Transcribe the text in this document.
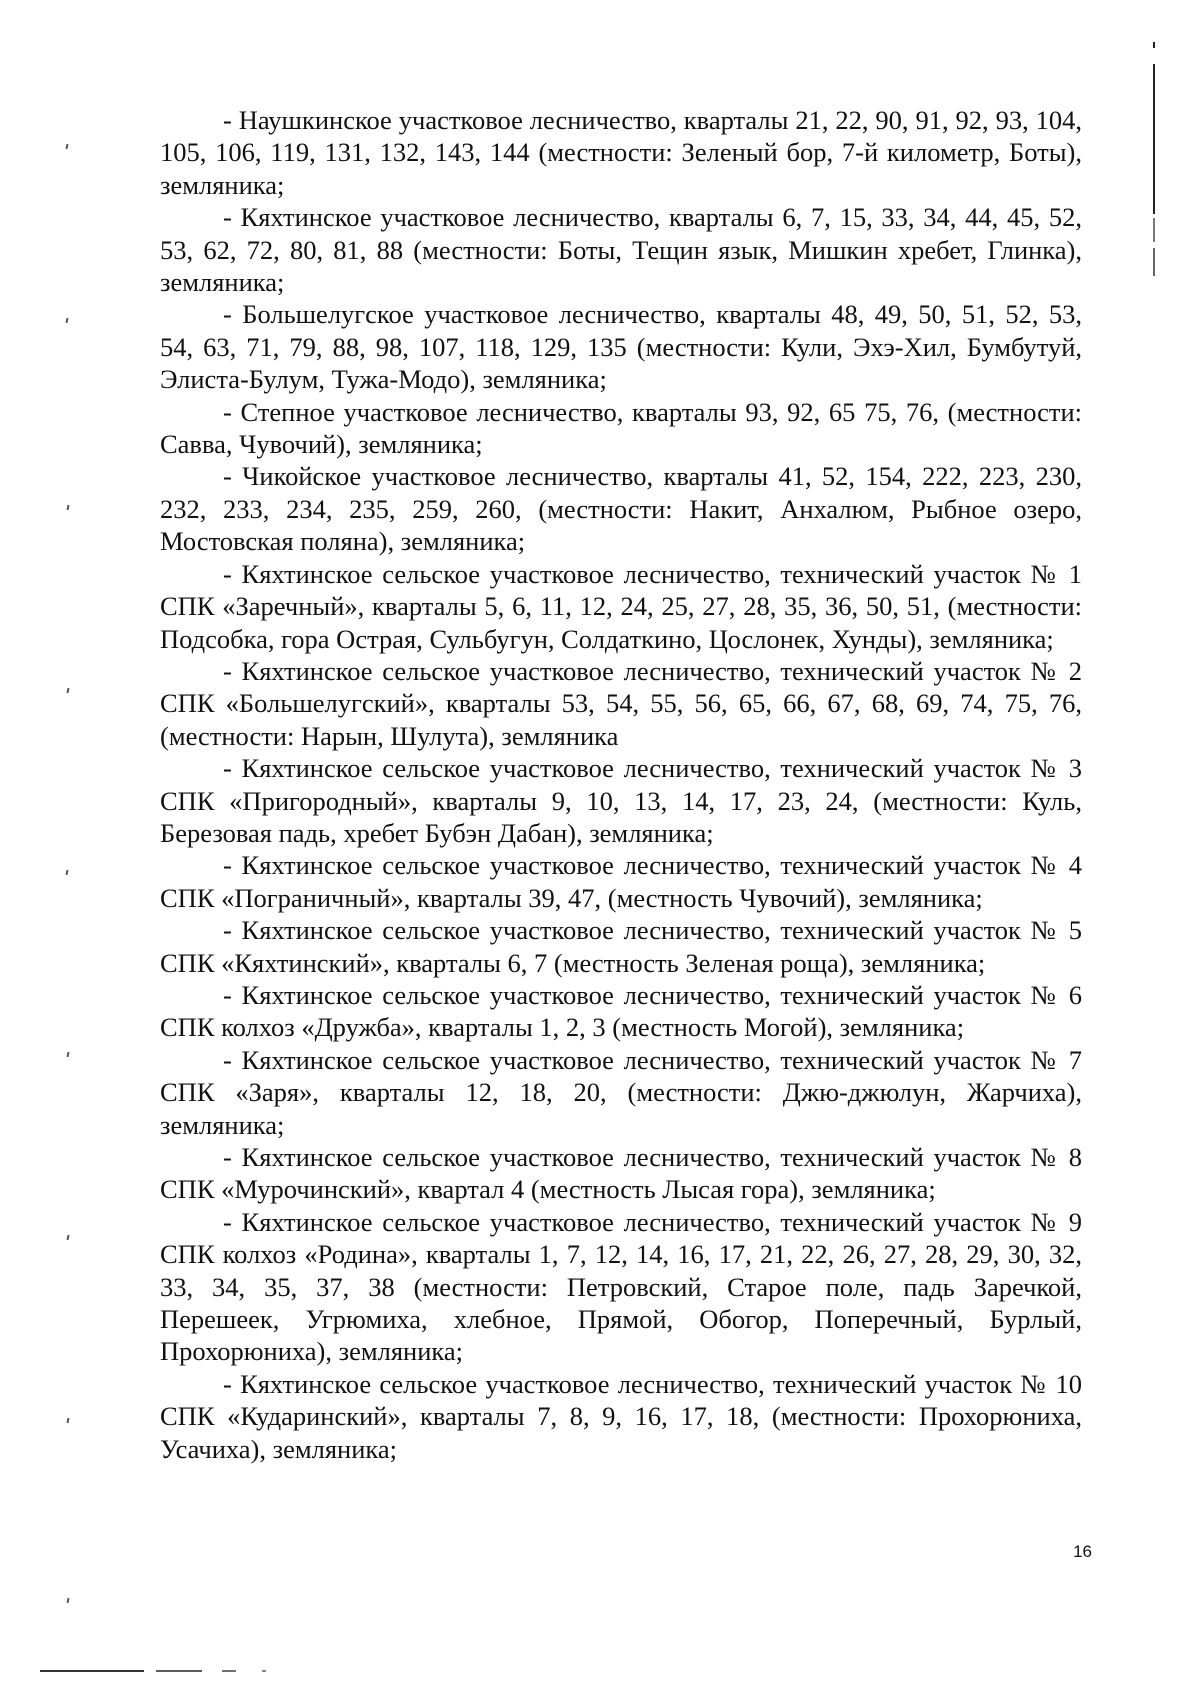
- Наушкинское участковое лесничество, кварталы 21, 22, 90, 91, 92, 93, 104, 105, 106, 119, 131, 132, 143, 144 (местности: Зеленый бор, 7-й километр, Боты), земляника;

- Кяхтинское участковое лесничество, кварталы 6, 7, 15, 33, 34, 44, 45, 52, 53, 62, 72, 80, 81, 88 (местности: Боты, Тещин язык, Мишкин хребет, Глинка), земляника;

- Большелугское участковое лесничество, кварталы 48, 49, 50, 51, 52, 53, 54, 63, 71, 79, 88, 98, 107, 118, 129, 135 (местности: Кули, Эхэ-Хил, Бумбутуй, Элиста-Булум, Тужа-Модо), земляника;

- Степное участковое лесничество, кварталы 93, 92, 65 75, 76, (местности: Савва, Чувочий), земляника;

- Чикойское участковое лесничество, кварталы 41, 52, 154, 222, 223, 230, 232, 233, 234, 235, 259, 260, (местности: Накит, Анхалюм, Рыбное озеро, Мостовская поляна), земляника;

- Кяхтинское сельское участковое лесничество, технический участок № 1 СПК «Заречный», кварталы 5, 6, 11, 12, 24, 25, 27, 28, 35, 36, 50, 51, (местности: Подсобка, гора Острая, Сульбугун, Солдаткино, Цослонек, Хунды), земляника;

- Кяхтинское сельское участковое лесничество, технический участок № 2 СПК «Большелугский», кварталы 53, 54, 55, 56, 65, 66, 67, 68, 69, 74, 75, 76, (местности: Нарын, Шулута), земляника

- Кяхтинское сельское участковое лесничество, технический участок № 3 СПК «Пригородный», кварталы 9, 10, 13, 14, 17, 23, 24, (местности: Куль, Березовая падь, хребет Бубэн Дабан), земляника;

- Кяхтинское сельское участковое лесничество, технический участок № 4 СПК «Пограничный», кварталы 39, 47, (местность Чувочий), земляника;

- Кяхтинское сельское участковое лесничество, технический участок № 5 СПК «Кяхтинский», кварталы 6, 7 (местность Зеленая роща), земляника;

- Кяхтинское сельское участковое лесничество, технический участок № 6 СПК колхоз «Дружба», кварталы 1, 2, 3 (местность Могой), земляника;

- Кяхтинское сельское участковое лесничество, технический участок № 7 СПК «Заря», кварталы 12, 18, 20, (местности: Джю-джюлун, Жарчиха), земляника;

- Кяхтинское сельское участковое лесничество, технический участок № 8 СПК «Мурочинский», квартал 4 (местность Лысая гора), земляника;

- Кяхтинское сельское участковое лесничество, технический участок № 9 СПК колхоз «Родина», кварталы 1, 7, 12, 14, 16, 17, 21, 22, 26, 27, 28, 29, 30, 32, 33, 34, 35, 37, 38 (местности: Петровский, Старое поле, падь Заречкой, Перешеек, Угрюмиха, хлебное, Прямой, Обогор, Поперечный, Бурлый, Прохорюниха), земляника;

- Кяхтинское сельское участковое лесничество, технический участок № 10 СПК «Кударинский», кварталы 7, 8, 9, 16, 17, 18, (местности: Прохорюниха, Усачиха), земляника;

16
